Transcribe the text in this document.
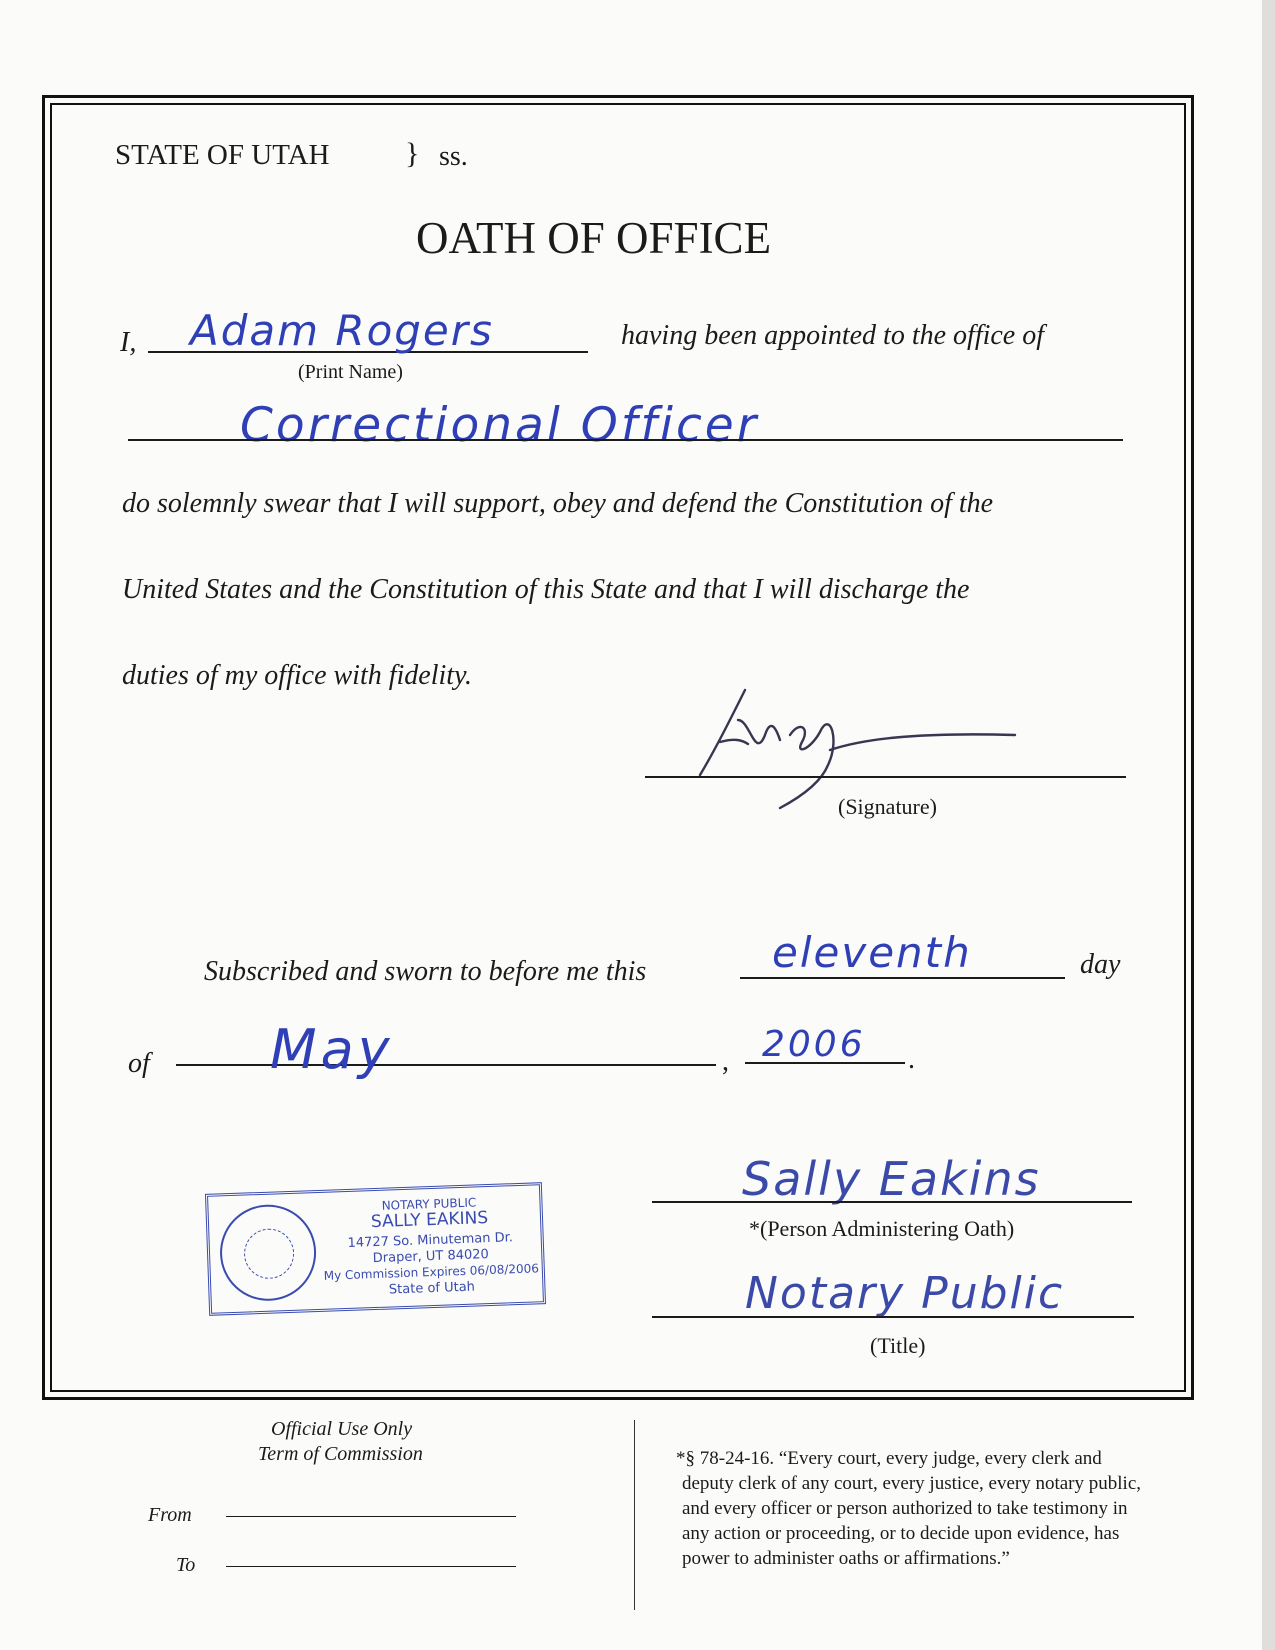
STATE OF UTAH	} ss.
OATH OF OFFICE
I, Adam Rogers
(Print Name)
having been appointed to the office of
Correctional Officer
do solemnly swear that I will support, obey and defend the Constitution of the
United States and the Constitution of this State and that I will discharge the
duties of my office with fidelity.
(Signature)
Subscribed and sworn to before me this	eleventh	day
of May	, 2006 .
NOTARY PUBLIC
SALLY EAKINS
14727 So. Minuteman Dr.
Draper, UT 84020
My Commission Expires 06/08/2006
State of Utah
Sally Eakins
*(Person Administering Oath)
Notary Public
(Title)
Official Use Only
Term of Commission
From
To
*§ 78-24-16. “Every court, every judge, every clerk and
deputy clerk of any court, every justice, every notary public,
and every officer or person authorized to take testimony in
any action or proceeding, or to decide upon evidence, has
power to administer oaths or affirmations.”
